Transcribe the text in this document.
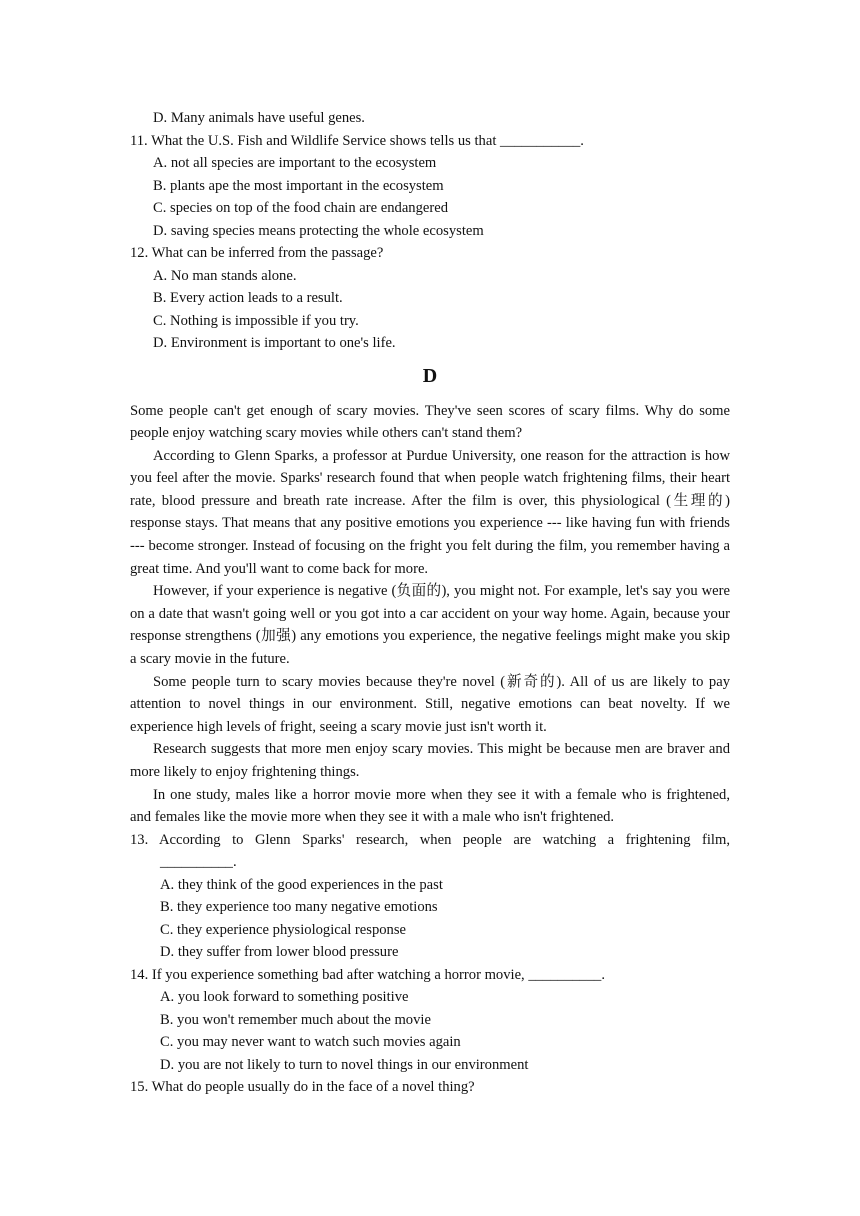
D. Many animals have useful genes.
11. What the U.S. Fish and Wildlife Service shows tells us that ___________.
A. not all species are important to the ecosystem
B. plants ape the most important in the ecosystem
C. species on top of the food chain are endangered
D. saving species means protecting the whole ecosystem
12. What can be inferred from the passage?
A. No man stands alone.
B. Every action leads to a result.
C. Nothing is impossible if you try.
D. Environment is important to one's life.
D

Some people can't get enough of scary movies. They've seen scores of scary films. Why do some people enjoy watching scary movies while others can't stand them?

According to Glenn Sparks, a professor at Purdue University, one reason for the attraction is how you feel after the movie. Sparks' research found that when people watch frightening films, their heart rate, blood pressure and breath rate increase. After the film is over, this physiological (生理的) response stays. That means that any positive emotions you experience --- like having fun with friends --- become stronger. Instead of focusing on the fright you felt during the film, you remember having a great time. And you'll want to come back for more.

However, if your experience is negative (负面的), you might not. For example, let's say you were on a date that wasn't going well or you got into a car accident on your way home. Again, because your response strengthens (加强) any emotions you experience, the negative feelings might make you skip a scary movie in the future.

Some people turn to scary movies because they're novel (新奇的). All of us are likely to pay attention to novel things in our environment. Still, negative emotions can beat novelty. If we experience high levels of fright, seeing a scary movie just isn't worth it.

Research suggests that more men enjoy scary movies. This might be because men are braver and more likely to enjoy frightening things.

In one study, males like a horror movie more when they see it with a female who is frightened, and females like the movie more when they see it with a male who isn't frightened.

13. According to Glenn Sparks' research, when people are watching a frightening film,

__________.
A. they think of the good experiences in the past
B. they experience too many negative emotions
C. they experience physiological response
D. they suffer from lower blood pressure
14. If you experience something bad after watching a horror movie, __________.
A. you look forward to something positive
B. you won't remember much about the movie
C. you may never want to watch such movies again
D. you are not likely to turn to novel things in our environment
15. What do people usually do in the face of a novel thing?
